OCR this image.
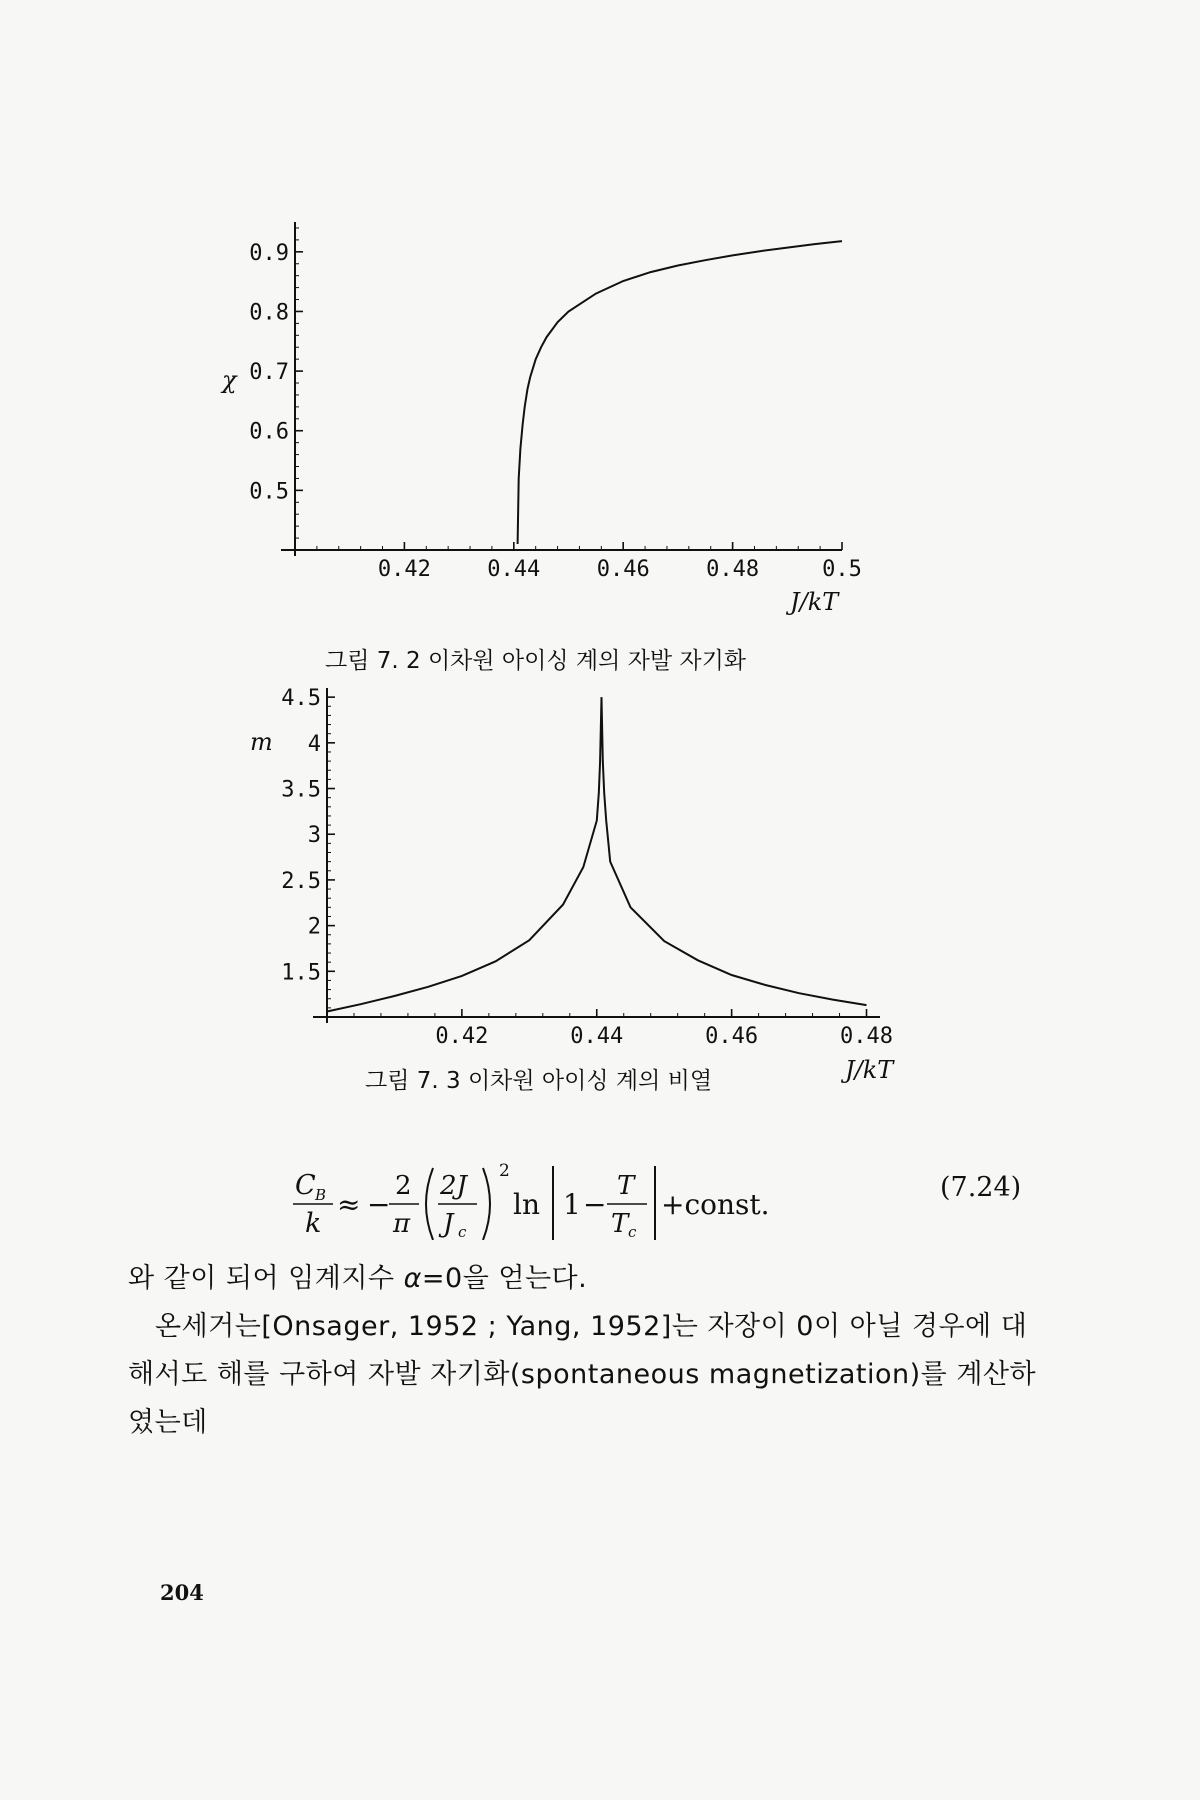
0.5
0.6
0.7
0.8
0.9
0.42	0.44	0.46	0.48	0.5
χ
J/kT
그림 7. 2 이차원 아이싱 계의 자발 자기화
1.5
2
2.5
3
3.5
4
4.5
0.42	0.44	0.46	0.48
m
J/kT
그림 7. 3 이차원 아이싱 계의 비열
C B
k
≈ −
2
π
2J
J c
2
ln 1 −
T
T c
+const.
(7.24)

와 같이 되어 임계지수 α=0을 얻는다.

온세거는[Onsager, 1952 ; Yang, 1952]는 자장이 0이 아닐 경우에 대해서도 해를 구하여 자발 자기화(spontaneous magnetization)를 계산하였는데

204
